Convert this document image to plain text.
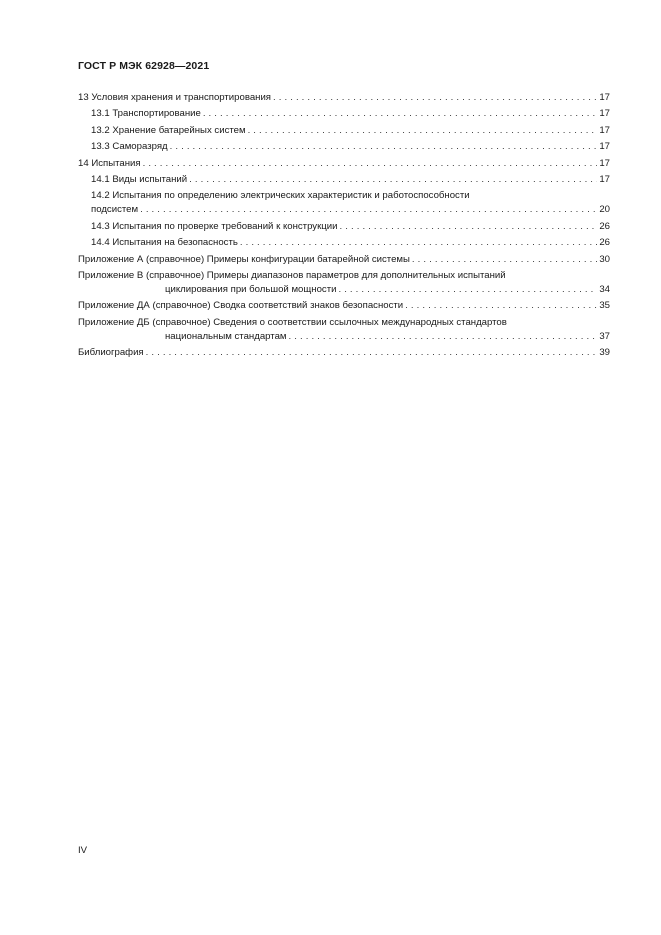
ГОСТ Р МЭК 62928—2021
13 Условия хранения и транспортирования . . .	17
13.1 Транспортирование . . .	17
13.2 Хранение батарейных систем . . .	17
13.3 Саморазряд . . .	17
14 Испытания . . .	17
14.1 Виды испытаний . . .	17
14.2 Испытания по определению электрических характеристик и работоспособности
подсистем . . .	20
14.3 Испытания по проверке требований к конструкции . . .	26
14.4 Испытания на безопасность . . .	26
Приложение А (справочное) Примеры конфигурации батарейной системы . . .	30
Приложение В (справочное) Примеры диапазонов параметров для дополнительных испытаний
циклирования при большой мощности . . .	34
Приложение ДА (справочное) Сводка соответствий знаков безопасности . . .	35
Приложение ДБ (справочное) Сведения о соответствии ссылочных международных стандартов
национальным стандартам . . .	37
Библиография . . .	39
IV
